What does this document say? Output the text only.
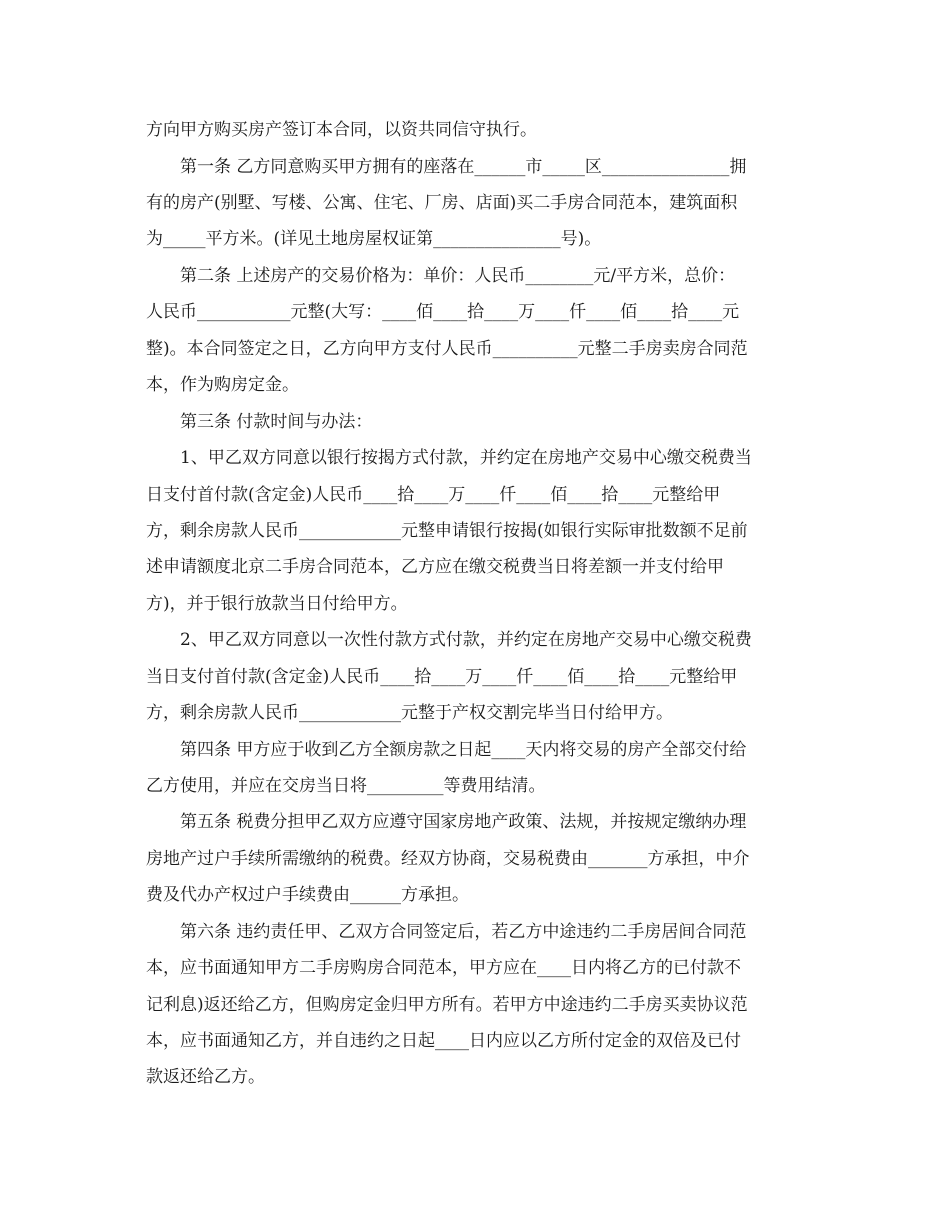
方向甲方购买房产签订本合同，以资共同信守执行。
第一条 乙方同意购买甲方拥有的座落在______市_____区_______________拥
有的房产(别墅、写楼、公寓、住宅、厂房、店面)买二手房合同范本，建筑面积
为_____平方米。(详见土地房屋权证第_______________号)。
第二条 上述房产的交易价格为：单价：人民币________元/平方米，总价：
人民币___________元整(大写：____佰____拾____万____仟____佰____拾____元
整)。本合同签定之日，乙方向甲方支付人民币__________元整二手房卖房合同范
本，作为购房定金。
第三条 付款时间与办法：
1、甲乙双方同意以银行按揭方式付款，并约定在房地产交易中心缴交税费当
日支付首付款(含定金)人民币____拾____万____仟____佰____拾____元整给甲
方，剩余房款人民币____________元整申请银行按揭(如银行实际审批数额不足前
述申请额度北京二手房合同范本，乙方应在缴交税费当日将差额一并支付给甲
方)，并于银行放款当日付给甲方。
2、甲乙双方同意以一次性付款方式付款，并约定在房地产交易中心缴交税费
当日支付首付款(含定金)人民币____拾____万____仟____佰____拾____元整给甲
方，剩余房款人民币____________元整于产权交割完毕当日付给甲方。
第四条 甲方应于收到乙方全额房款之日起____天内将交易的房产全部交付给
乙方使用，并应在交房当日将_________等费用结清。
第五条 税费分担甲乙双方应遵守国家房地产政策、法规，并按规定缴纳办理
房地产过户手续所需缴纳的税费。经双方协商，交易税费由_______方承担，中介
费及代办产权过户手续费由______方承担。
第六条 违约责任甲、乙双方合同签定后，若乙方中途违约二手房居间合同范
本，应书面通知甲方二手房购房合同范本，甲方应在____日内将乙方的已付款不
记利息)返还给乙方，但购房定金归甲方所有。若甲方中途违约二手房买卖协议范
本，应书面通知乙方，并自违约之日起____日内应以乙方所付定金的双倍及已付
款返还给乙方。
